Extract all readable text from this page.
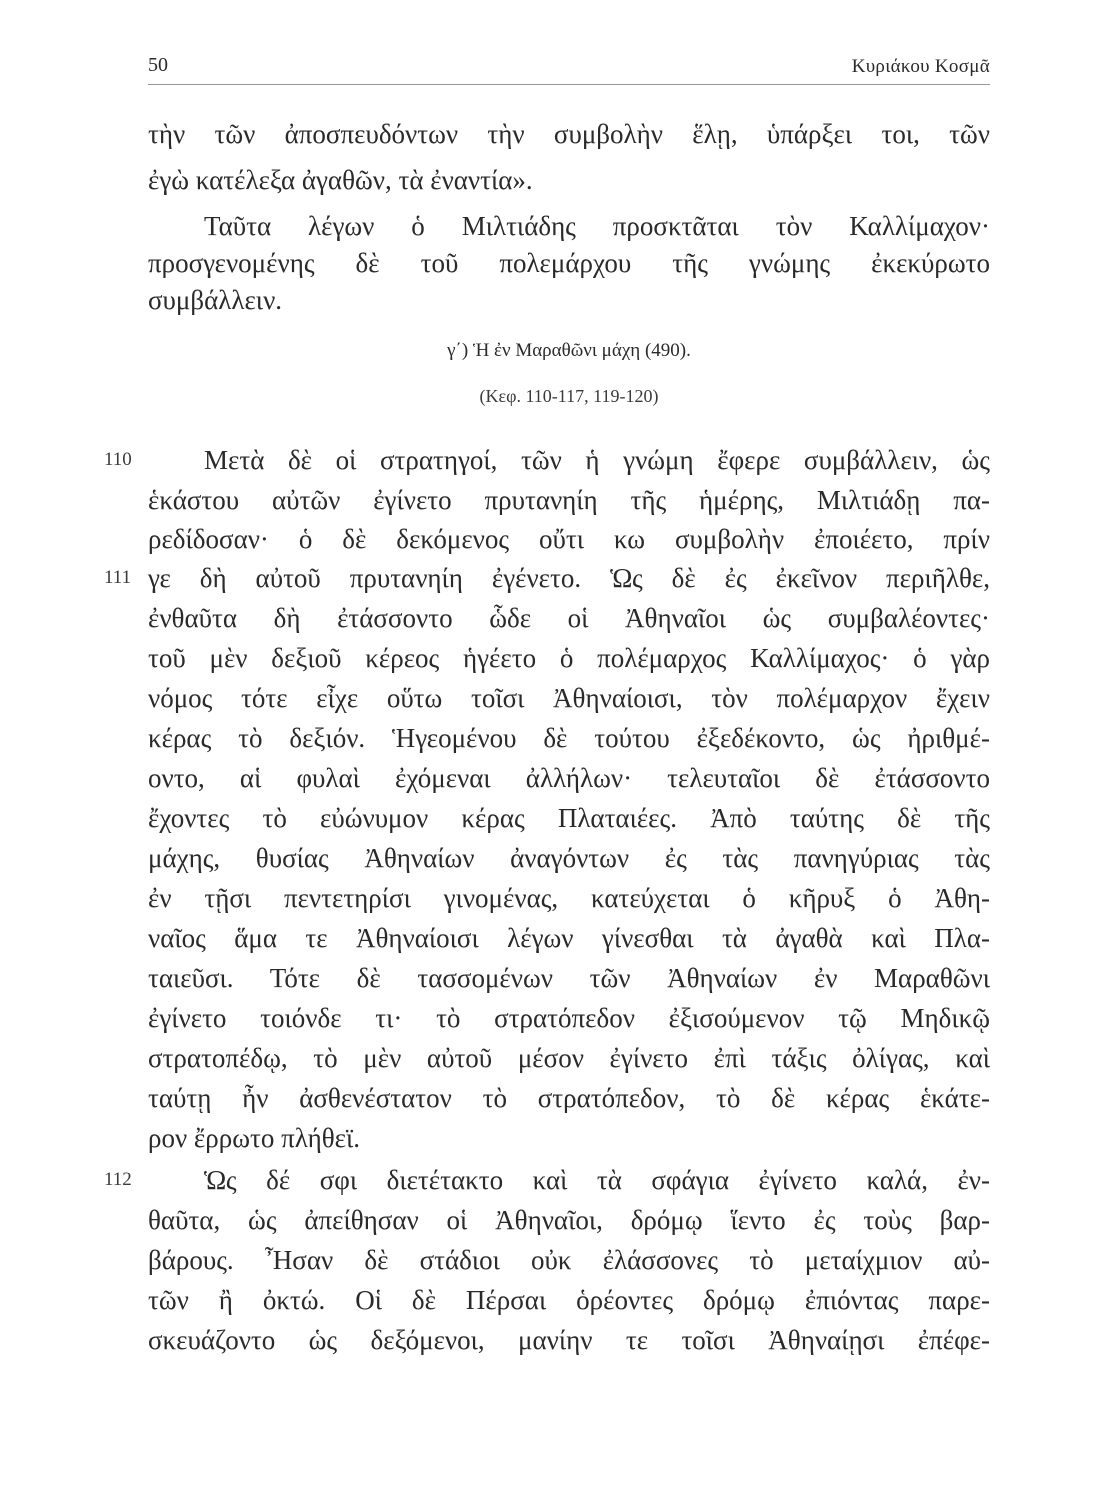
50	Κυριάκου Κοσμᾶ
τὴν τῶν ἀποσπευδόντων τὴν συμβολὴν ἕλῃ, ὑπάρξει τοι, τῶν
ἐγὼ κατέλεξα ἀγαθῶν, τὰ ἐναντία».
Ταῦτα λέγων ὁ Μιλτιάδης προσκτᾶται τὸν Καλλίμαχον·
προσγενομένης δὲ τοῦ πολεμάρχου τῆς γνώμης ἐκεκύρωτο
συμβάλλειν.
γ΄) Ἡ ἐν Μαραθῶνι μάχη (490).
(Κεφ. 110-117, 119-120)
110
111
112
Μετὰ δὲ οἱ στρατηγοί, τῶν ἡ γνώμη ἔφερε συμβάλλειν, ὡς
ἑκάστου αὐτῶν ἐγίνετο πρυτανηίη τῆς ἡμέρης, Μιλτιάδῃ πα-
ρεδίδοσαν· ὁ δὲ δεκόμενος οὔτι κω συμβολὴν ἐποιέετο, πρίν
γε δὴ αὐτοῦ πρυτανηίη ἐγένετο. Ὡς δὲ ἐς ἐκεῖνον περιῆλθε,
ἐνθαῦτα δὴ ἐτάσσοντο ὧδε οἱ Ἀθηναῖοι ὡς συμβαλέοντες·
τοῦ μὲν δεξιοῦ κέρεος ἡγέετο ὁ πολέμαρχος Καλλίμαχος· ὁ γὰρ
νόμος τότε εἶχε οὕτω τοῖσι Ἀθηναίοισι, τὸν πολέμαρχον ἔχειν
κέρας τὸ δεξιόν. Ἡγεομένου δὲ τούτου ἐξεδέκοντο, ὡς ἠριθμέ-
οντο, αἱ φυλαὶ ἐχόμεναι ἀλλήλων· τελευταῖοι δὲ ἐτάσσοντο
ἔχοντες τὸ εὐώνυμον κέρας Πλαταιέες. Ἀπὸ ταύτης δὲ τῆς
μάχης, θυσίας Ἀθηναίων ἀναγόντων ἐς τὰς πανηγύριας τὰς
ἐν τῇσι πεντετηρίσι γινομένας, κατεύχεται ὁ κῆρυξ ὁ Ἀθη-
ναῖος ἅμα τε Ἀθηναίοισι λέγων γίνεσθαι τὰ ἀγαθὰ καὶ Πλα-
ταιεῦσι. Τότε δὲ τασσομένων τῶν Ἀθηναίων ἐν Μαραθῶνι
ἐγίνετο τοιόνδε τι· τὸ στρατόπεδον ἐξισούμενον τῷ Μηδικῷ
στρατοπέδῳ, τὸ μὲν αὐτοῦ μέσον ἐγίνετο ἐπὶ τάξις ὀλίγας, καὶ
ταύτῃ ἦν ἀσθενέστατον τὸ στρατόπεδον, τὸ δὲ κέρας ἑκάτε-
ρον ἔρρωτο πλήθεϊ.
Ὡς δέ σφι διετέτακτο καὶ τὰ σφάγια ἐγίνετο καλά, ἐν-
θαῦτα, ὡς ἀπείθησαν οἱ Ἀθηναῖοι, δρόμῳ ἵεντο ἐς τοὺς βαρ-
βάρους. Ἦσαν δὲ στάδιοι οὐκ ἐλάσσονες τὸ μεταίχμιον αὐ-
τῶν ἢ ὀκτώ. Οἱ δὲ Πέρσαι ὁρέοντες δρόμῳ ἐπιόντας παρε-
σκευάζοντο ὡς δεξόμενοι, μανίην τε τοῖσι Ἀθηναίῃσι ἐπέφε-
